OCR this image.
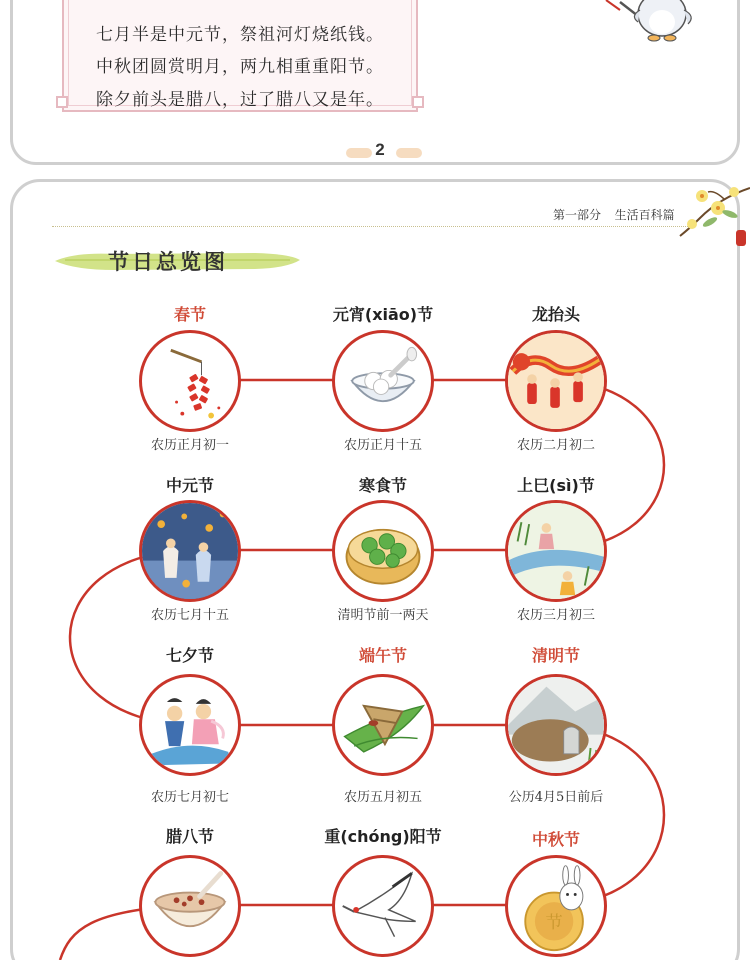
七月半是中元节，祭祖河灯烧纸钱。
中秋团圆赏明月，两九相重重阳节。
除夕前头是腊八，过了腊八又是年。
2
第一部分 生活百科篇
节日总览图
春节
农历正月初一
元宵(xiāo)节
农历正月十五
龙抬头
农历二月初二
中元节
农历七月十五
寒食节
清明节前一两天
上巳(sì)节
农历三月初三
七夕节
农历七月初七
端午节
农历五月初五
清明节
公历4月5日前后
腊八节	重(chóng)阳节	中秋节
节
